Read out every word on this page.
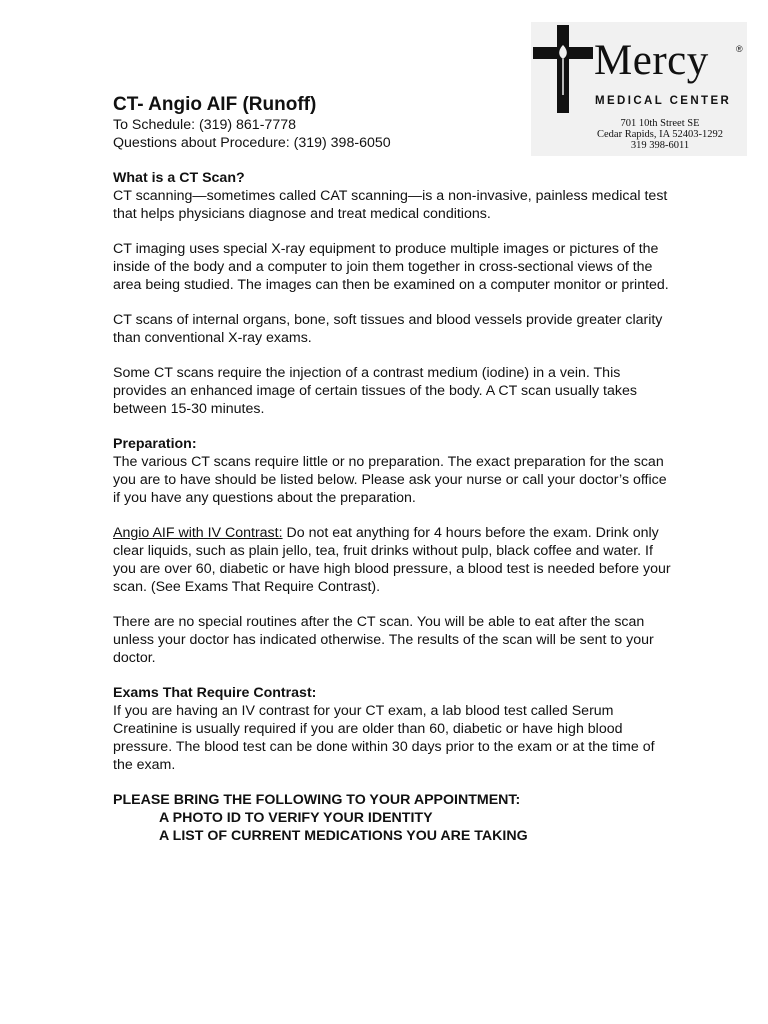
Mercy	®
MEDICAL CENTER
701 10th Street SE
Cedar Rapids, IA 52403-1292
319 398-6011
CT- Angio AIF (Runoff)

To Schedule: (319) 861-7778

Questions about Procedure: (319) 398-6050

What is a CT Scan?

CT scanning—sometimes called CAT scanning—is a non-invasive, painless medical test that helps physicians diagnose and treat medical conditions.

CT imaging uses special X-ray equipment to produce multiple images or pictures of the inside of the body and a computer to join them together in cross-sectional views of the area being studied. The images can then be examined on a computer monitor or printed.

CT scans of internal organs, bone, soft tissues and blood vessels provide greater clarity than conventional X-ray exams.

Some CT scans require the injection of a contrast medium (iodine) in a vein. This provides an enhanced image of certain tissues of the body. A CT scan usually takes between 15-30 minutes.

Preparation:

The various CT scans require little or no preparation. The exact preparation for the scan you are to have should be listed below. Please ask your nurse or call your doctor’s office if you have any questions about the preparation.

Angio AIF with IV Contrast: Do not eat anything for 4 hours before the exam. Drink only clear liquids, such as plain jello, tea, fruit drinks without pulp, black coffee and water. If you are over 60, diabetic or have high blood pressure, a blood test is needed before your scan. (See Exams That Require Contrast).

There are no special routines after the CT scan. You will be able to eat after the scan unless your doctor has indicated otherwise. The results of the scan will be sent to your doctor.

Exams That Require Contrast:

If you are having an IV contrast for your CT exam, a lab blood test called Serum Creatinine is usually required if you are older than 60, diabetic or have high blood pressure. The blood test can be done within 30 days prior to the exam or at the time of the exam.

PLEASE BRING THE FOLLOWING TO YOUR APPOINTMENT:

A PHOTO ID TO VERIFY YOUR IDENTITY

A LIST OF CURRENT MEDICATIONS YOU ARE TAKING
